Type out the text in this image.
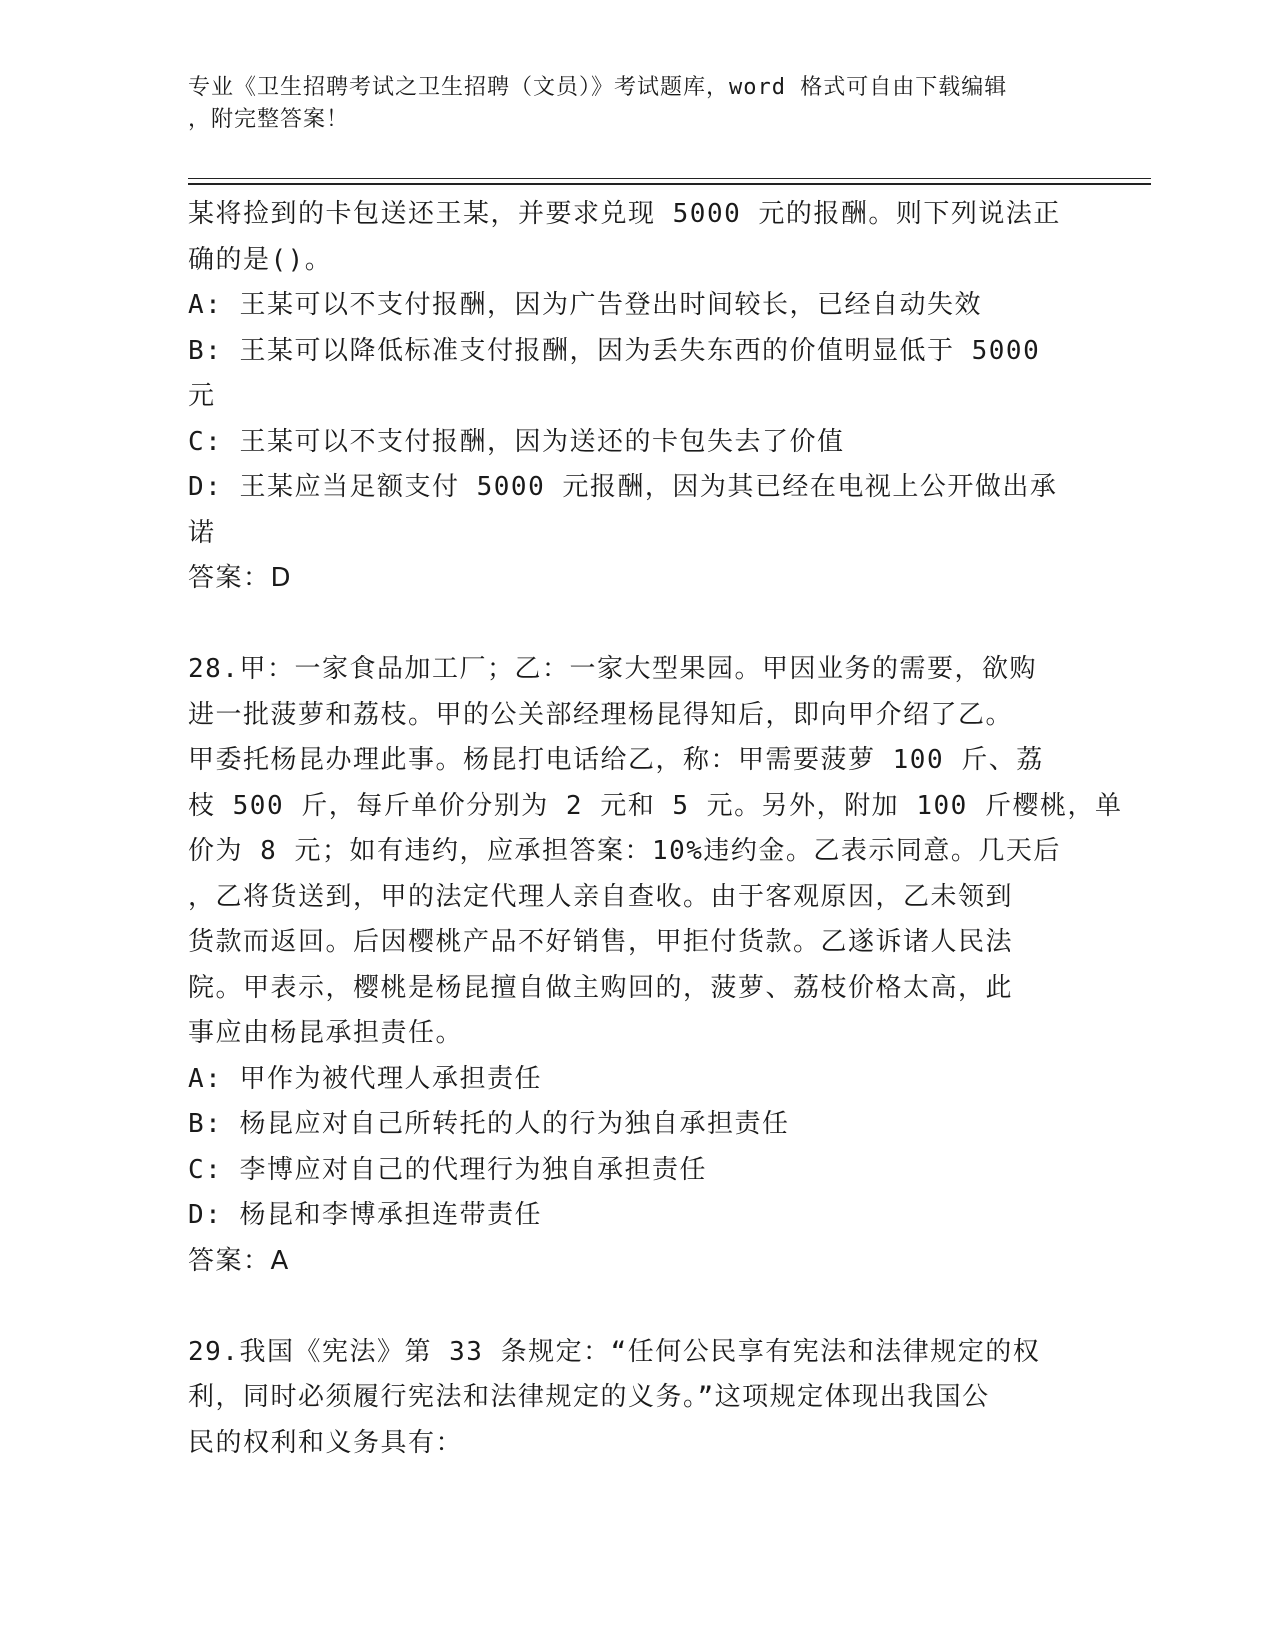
专业《卫生招聘考试之卫生招聘（文员）》考试题库，word 格式可自由下载编辑
，附完整答案！
某将捡到的卡包送还王某，并要求兑现 5000 元的报酬。则下列说法正
确的是()。
A: 王某可以不支付报酬，因为广告登出时间较长，已经自动失效
B: 王某可以降低标准支付报酬，因为丢失东西的价值明显低于 5000
元
C: 王某可以不支付报酬，因为送还的卡包失去了价值
D: 王某应当足额支付 5000 元报酬，因为其已经在电视上公开做出承
诺
答案：D
28.甲：一家食品加工厂；乙：一家大型果园。甲因业务的需要，欲购
进一批菠萝和荔枝。甲的公关部经理杨昆得知后，即向甲介绍了乙。
甲委托杨昆办理此事。杨昆打电话给乙，称：甲需要菠萝 100 斤、荔
枝 500 斤，每斤单价分别为 2 元和 5 元。另外，附加 100 斤樱桃，单
价为 8 元；如有违约，应承担答案：10%违约金。乙表示同意。几天后
，乙将货送到，甲的法定代理人亲自查收。由于客观原因，乙未领到
货款而返回。后因樱桃产品不好销售，甲拒付货款。乙遂诉诸人民法
院。甲表示，樱桃是杨昆擅自做主购回的，菠萝、荔枝价格太高，此
事应由杨昆承担责任。
A: 甲作为被代理人承担责任
B: 杨昆应对自己所转托的人的行为独自承担责任
C: 李博应对自己的代理行为独自承担责任
D: 杨昆和李博承担连带责任
答案：A
29.我国《宪法》第 33 条规定：“任何公民享有宪法和法律规定的权
利，同时必须履行宪法和法律规定的义务。”这项规定体现出我国公
民的权利和义务具有：
